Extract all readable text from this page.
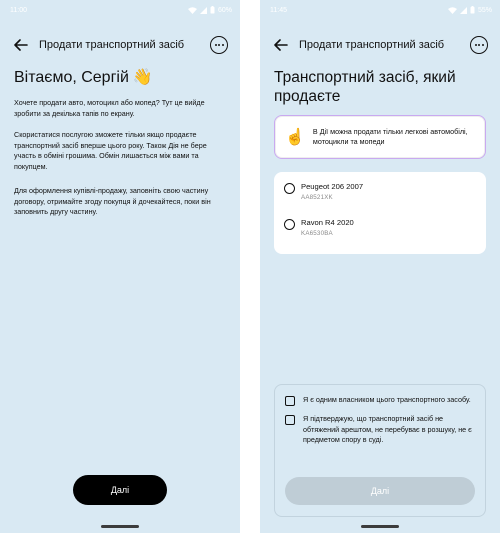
11:00	60%
Продати транспортний засіб
Вітаємо, Сергій 👋

Хочете продати авто, мотоцикл або мопед? Тут це вийде зробити за декілька тапів по екрану.

Скористатися послугою зможете тільки якщо продаєте транспортний засіб вперше цього року. Також Дія не бере участь в обміні грошима. Обмін лишається між вами та покупцем.

Для оформлення купівлі-продажу, заповніть свою частину договору, отримайте згоду покупця й дочекайтеся, поки він заповнить другу частину.

Далі
11:45	55%
Продати транспортний засіб
Транспортний засіб, який продаєте
☝️ В Дії можна продати тільки легкові автомобілі, мотоцикли та мопеди
Peugeot 206 2007
AA8521XK
Ravon R4 2020
KA6530BA
Я є одним власником цього транспортного засобу.
Я підтверджую, що транспортний засіб не обтяжений арештом, не перебуває в розшуку, не є предметом спору в суді.
Далі
